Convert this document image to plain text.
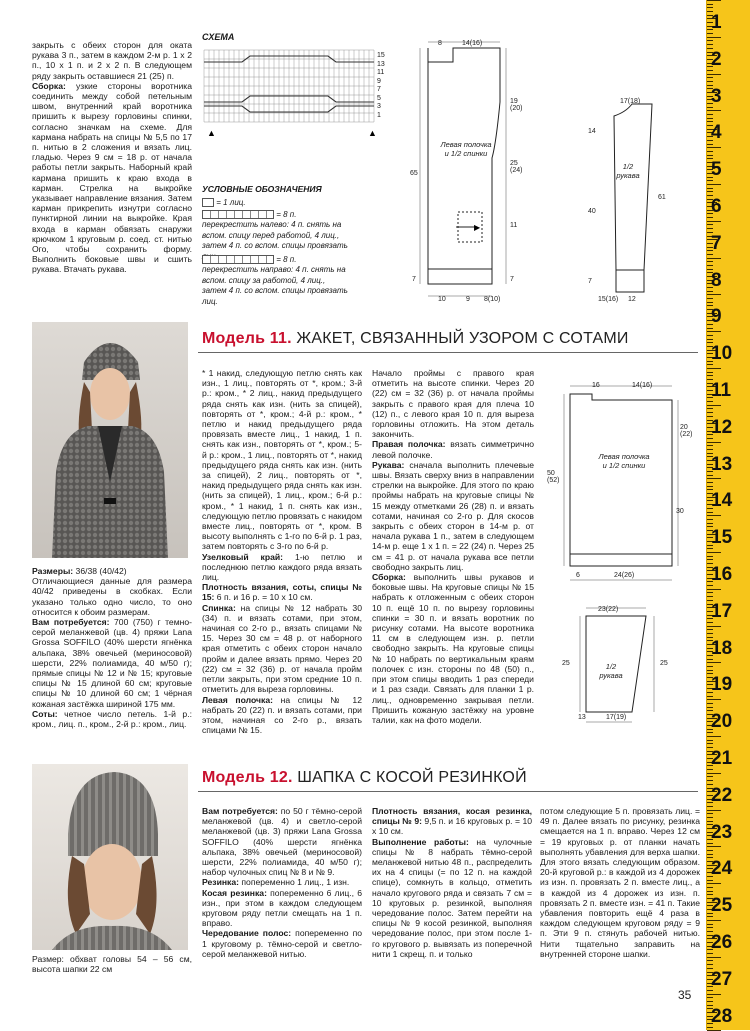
1
2
3
4
5
6
7
8
9
10
11
12
13
14
15
16
17
18
19
20
21
22
23
24
25
26
27
28

закрыть с обеих сторон для оката рукава 3 п., затем в каждом 2-м р. 1 х 2 п., 10 х 1 п. и 2 х 2 п. В следующем ряду закрыть оставшиеся 21 (25) п.

Сборка: узкие стороны воротника соединить между собой петельным швом, внутренний край воротника пришить к вырезу горловины спинки, согласно значкам на схеме. Для кармана набрать на спицы № 5,5 по 17 п. нитью в 2 сложения и вязать лиц. гладью. Через 9 см = 18 р. от начала работы петли закрыть. Наборный край кармана пришить к краю входа в карман. Стрелка на выкройке указывает направление вязания. Затем карман прикрепить изнутри согласно пунктирной линии на выкройке. Края входа в карман обвязать снаружи крючком 1 круговым р. соед. ст. нитью Ого, чтобы сохранить форму. Выполнить боковые швы и сшить рукава. Втачать рукава.

СХЕМА
▲	▲
15
13
11
9
7
5
3
1
УСЛОВНЫЕ ОБОЗНАЧЕНИЯ
= 1 лиц.
= 8 п. перекрестить налево: 4 п. снять на вспом. спицу перед работой, 4 лиц., затем 4 п. со вспом. спицы провязать
= 8 п. перекрестить направо: 4 п. снять на вспом. спицу за работой, 4 лиц., затем 4 п. со вспом. спицы провязать лиц.
▶
8	14(16)
19 (20)
25 (24)
11
7
7
65
10	9 8(10)
Левая полочка и 1/2 спинки
17(18)
14
40
61
7
15(16) 12
1/2 рукава
Модель 11. ЖАКЕТ, СВЯЗАННЫЙ УЗОРОМ С СОТАМИ

Размеры: 36/38 (40/42)

Отличающиеся данные для размера 40/42 приведены в скобках. Если указано только одно число, то оно относится к обоим размерам.

Вам потребуется: 700 (750) г темно-серой меланжевой (цв. 4) пряжи Lana Grossa SOFFILO (40% шерсти ягнёнка альпака, 38% овечьей (мериносовой) шерсти, 22% полиамида, 40 м/50 г); прямые спицы № 12 и № 15; круговые спицы № 15 длиной 60 см; круговые спицы № 10 длиной 60 см; 1 чёрная кожаная застёжка шириной 175 мм.

Соты: четное число петель. 1-й р.: кром., лиц. п., кром., 2-й р.: кром., лиц.

* 1 накид, следующую петлю снять как изн., 1 лиц., повторять от *, кром.; 3-й р.: кром., * 2 лиц., накид предыдущего ряда снять как изн. (нить за спицей), повторять от *, кром.; 4-й р.: кром., * петлю и накид предыдущего ряда провязать вместе лиц., 1 накид, 1 п. снять как изн., повторять от *, кром.; 5-й р.: кром., 1 лиц., повторять от *, накид предыдущего ряда снять как изн. (нить за спицей), 2 лиц., повторять от *, накид предыдущего ряда снять как изн. (нить за спицей), 1 лиц., кром.; 6-й р.: кром., * 1 накид, 1 п. снять как изн., следующую петлю провязать с накидом вместе лиц., повторять от *, кром. В высоту выполнять с 1-го по 6-й р. 1 раз, затем повторять с 3-го по 6-й р.

Узелковый край: 1-ю петлю и последнюю петлю каждого ряда вязать лиц.

Плотность вязания, соты, спицы № 15: 6 п. и 16 р. = 10 х 10 см.

Спинка: на спицы № 12 набрать 30 (34) п. и вязать сотами, при этом, начиная со 2-го р., вязать спицами № 15. Через 30 см = 48 р. от наборного края отметить с обеих сторон начало пройм и далее вязать прямо. Через 20 (22) см = 32 (36) р. от начала пройм петли закрыть, при этом средние 10 п. отметить для выреза горловины.

Левая полочка: на спицы № 12 набрать 20 (22) п. и вязать сотами, при этом, начиная со 2-го р., вязать спицами № 15.

Начало проймы с правого края отметить на высоте спинки. Через 20 (22) см = 32 (36) р. от начала проймы закрыть с правого края для плеча 10 (12) п., с левого края 10 п. для выреза горловины отложить. На этом деталь закончить.

Правая полочка: вязать симметрично левой полочке.

Рукава: сначала выполнить плечевые швы. Вязать сверху вниз в направлении стрелки на выкройке. Для этого по краю проймы набрать на круговые спицы № 15 между отметками 26 (28) п. и вязать сотами, начиная со 2-го р. Для скосов закрыть с обеих сторон в 14-м р. от начала рукава 1 п., затем в следующем 14-м р. еще 1 х 1 п. = 22 (24) п. Через 25 см = 41 р. от начала рукава все петли свободно закрыть лиц.

Сборка: выполнить швы рукавов и боковые швы. На круговые спицы № 15 набрать к отложенным с обеих сторон 10 п. ещё 10 п. по вырезу горловины спинки = 30 п. и вязать воротник по рисунку сотами. На высоте воротника 11 см в следующем изн. р. петли свободно закрыть. На круговые спицы № 10 набрать по вертикальным краям полочек с изн. стороны по 48 (50) п., при этом спицы вводить 1 раз спереди и 1 раз сзади. Связать для планки 1 р. лиц., одновременно закрывая петли. Пришить кожаную застёжку на уровне талии, как на фото модели.

16	14(16)
20 (22)
50 (52)
30
6	24(26)
Левая полочка и 1/2 спинки
23(22)
25	25
13	17(19)
1/2 рукава
Модель 12. ШАПКА С КОСОЙ РЕЗИНКОЙ

Размер: обхват головы 54 – 56 см, высота шапки 22 см

Вам потребуется: по 50 г тёмно-серой меланжевой (цв. 4) и светло-серой меланжевой (цв. 3) пряжи Lana Grossa SOFFILO (40% шерсти ягнёнка альпака, 38% овечьей (мериносовой) шерсти, 22% полиамида, 40 м/50 г); набор чулочных спиц № 8 и № 9.

Резинка: попеременно 1 лиц., 1 изн.

Косая резинка: попеременно 6 лиц., 6 изн., при этом в каждом следующем круговом ряду петли смещать на 1 п. вправо.

Чередование полос: попеременно по 1 круговому р. тёмно-серой и светло-серой меланжевой нитью.

Плотность вязания, косая резинка, спицы № 9: 9,5 п. и 16 круговых р. = 10 х 10 см.

Выполнение работы: на чулочные спицы № 8 набрать тёмно-серой меланжевой нитью 48 п., распределить их на 4 спицы (= по 12 п. на каждой спице), сомкнуть в кольцо, отметить начало кругового ряда и связать 7 см = 10 круговых р. резинкой, выполняя чередование полос. Затем перейти на спицы № 9 косой резинкой, выполняя чередование полос, при этом после 1-го кругового р. вывязать из поперечной нити 1 скрещ. п. и только

потом следующие 5 п. провязать лиц. = 49 п. Далее вязать по рисунку, резинка смещается на 1 п. вправо. Через 12 см = 19 круговых р. от планки начать выполнять убавления для верха шапки. Для этого вязать следующим образом. 20-й круговой р.: в каждой из 4 дорожек из изн. п. провязать 2 п. вместе лиц., а в каждой из 4 дорожек из изн. п. провязать 2 п. вместе изн. = 41 п. Такие убавления повторить ещё 4 раза в каждом следующем круговом ряду = 9 п. Эти 9 п. стянуть рабочей нитью. Нити тщательно заправить на внутренней стороне шапки.

35
